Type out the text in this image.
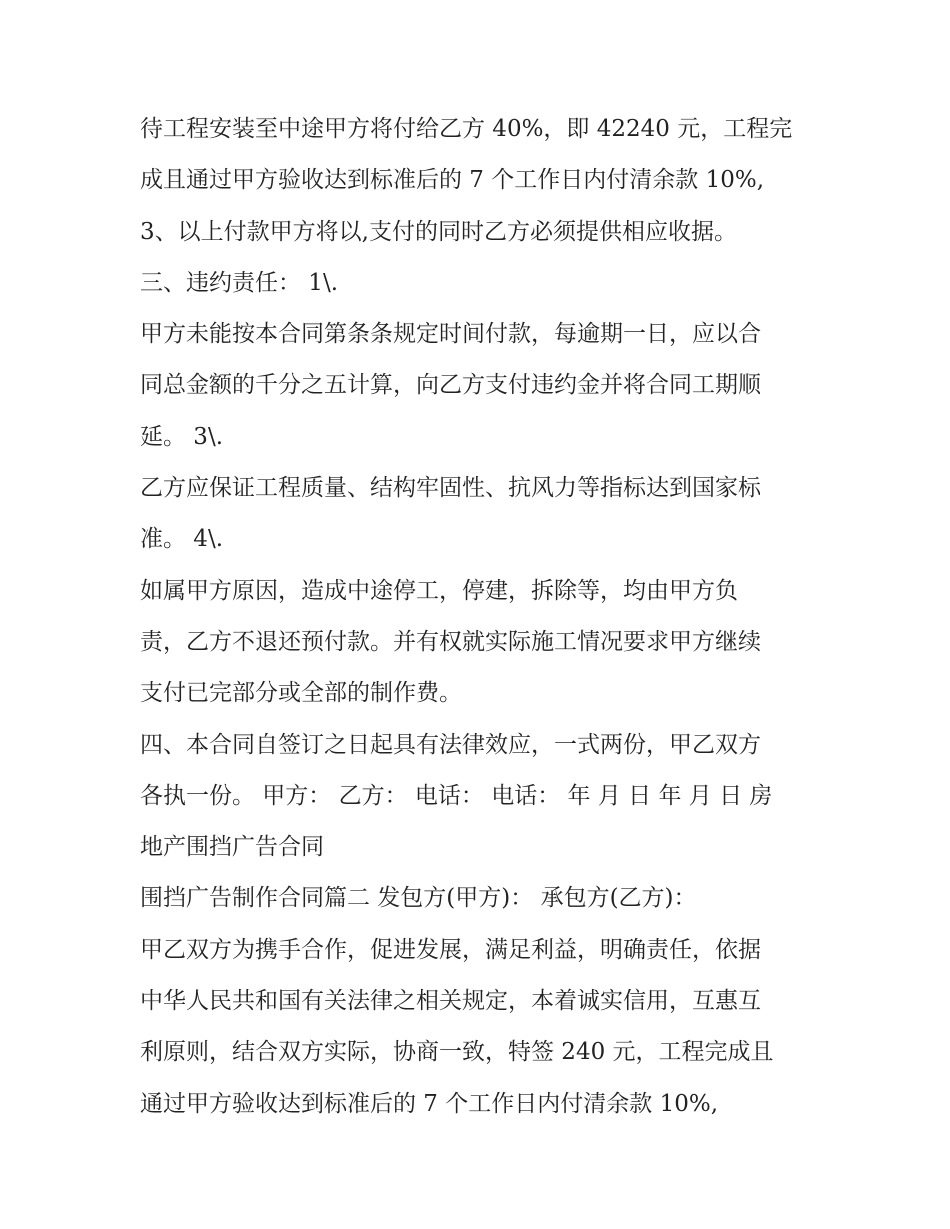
待工程安装至中途甲方将付给乙方 40%，即 42240 元，工程完
成且通过甲方验收达到标准后的 7 个工作日内付清余款 10%,
3、以上付款甲方将以,支付的同时乙方必须提供相应收据。
三、违约责任： 1\.
甲方未能按本合同第条条规定时间付款，每逾期一日，应以合
同总金额的千分之五计算，向乙方支付违约金并将合同工期顺
延。 3\.
乙方应保证工程质量、结构牢固性、抗风力等指标达到国家标
准。 4\.
如属甲方原因，造成中途停工，停建，拆除等，均由甲方负
责，乙方不退还预付款。并有权就实际施工情况要求甲方继续
支付已完部分或全部的制作费。
四、本合同自签订之日起具有法律效应，一式两份，甲乙双方
各执一份。 甲方： 乙方： 电话： 电话： 年 月 日 年 月 日 房
地产围挡广告合同
围挡广告制作合同篇二 发包方(甲方)： 承包方(乙方)：
甲乙双方为携手合作，促进发展，满足利益，明确责任，依据
中华人民共和国有关法律之相关规定，本着诚实信用，互惠互
利原则，结合双方实际，协商一致，特签 240 元，工程完成且
通过甲方验收达到标准后的 7 个工作日内付清余款 10%,
